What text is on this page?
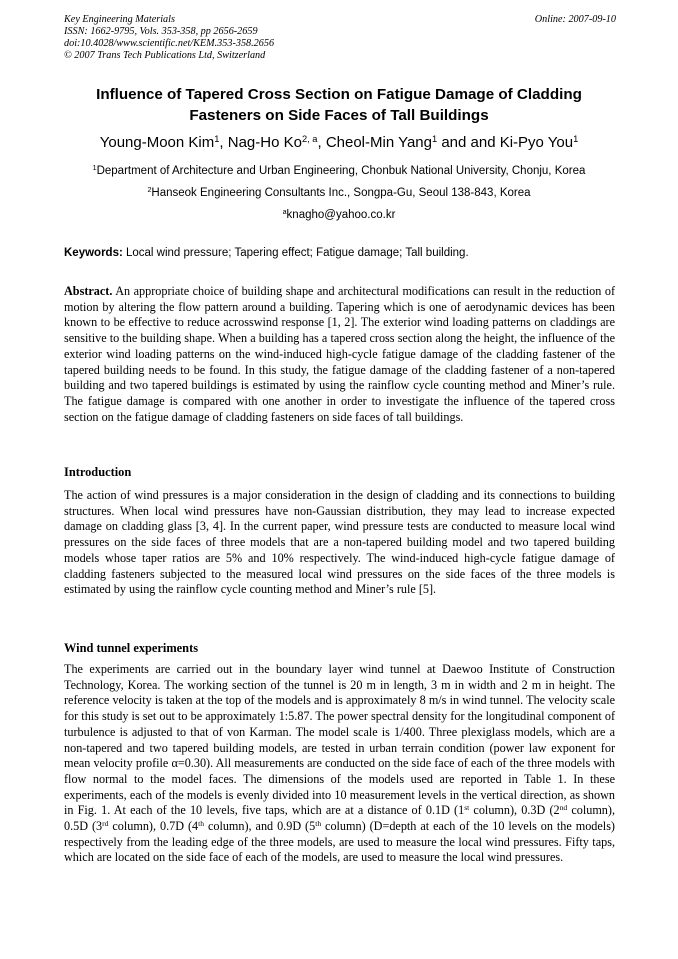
Key Engineering Materials
ISSN: 1662-9795, Vols. 353-358, pp 2656-2659
doi:10.4028/www.scientific.net/KEM.353-358.2656
© 2007 Trans Tech Publications Ltd, Switzerland
Online: 2007-09-10
Influence of Tapered Cross Section on Fatigue Damage of Cladding
Fasteners on Side Faces of Tall Buildings
Young-Moon Kim$^1$, Nag-Ho Ko$^{2, a}$, Cheol-Min Yang$^1$ and and Ki-Pyo You$^1$
$^1$Department of Architecture and Urban Engineering, Chonbuk National University, Chonju, Korea
$^2$Hanseok Engineering Consultants Inc., Songpa-Gu, Seoul 138-843, Korea
$^a$knagho@yahoo.co.kr
Keywords: Local wind pressure; Tapering effect; Fatigue damage; Tall building.
Abstract. An appropriate choice of building shape and architectural modifications can result in the reduction of motion by altering the flow pattern around a building. Tapering which is one of aerodynamic devices has been known to be effective to reduce acrosswind response [1, 2]. The exterior wind loading patterns on claddings are sensitive to the building shape. When a building has a tapered cross section along the height, the influence of the exterior wind loading patterns on the wind-induced high-cycle fatigue damage of the cladding fastener of the tapered building needs to be found. In this study, the fatigue damage of the cladding fastener of a non-tapered building and two tapered buildings is estimated by using the rainflow cycle counting method and Miner’s rule. The fatigue damage is compared with one another in order to investigate the influence of the tapered cross section on the fatigue damage of cladding fasteners on side faces of tall buildings.
Introduction
The action of wind pressures is a major consideration in the design of cladding and its connections to building structures. When local wind pressures have non-Gaussian distribution, they may lead to increase expected damage on cladding glass [3, 4]. In the current paper, wind pressure tests are conducted to measure local wind pressures on the side faces of three models that are a non-tapered building model and two tapered building models whose taper ratios are 5% and 10% respectively. The wind-induced high-cycle fatigue damage of cladding fasteners subjected to the measured local wind pressures on the side faces of the three models is estimated by using the rainflow cycle counting method and Miner’s rule [5].
Wind tunnel experiments
The experiments are carried out in the boundary layer wind tunnel at Daewoo Institute of Construction Technology, Korea. The working section of the tunnel is 20 m in length, 3 m in width and 2 m in height. The reference velocity is taken at the top of the models and is approximately 8 m/s in wind tunnel. The velocity scale for this study is set out to be approximately 1:5.87. The power spectral density for the longitudinal component of turbulence is adjusted to that of von Karman. The model scale is 1/400. Three plexiglass models, which are a non-tapered and two tapered building models, are tested in urban terrain condition (power law exponent for mean velocity profile α=0.30). All measurements are conducted on the side face of each of the three models with flow normal to the model faces. The dimensions of the models used are reported in Table 1. In these experiments, each of the models is evenly divided into 10 measurement levels in the vertical direction, as shown in Fig. 1. At each of the 10 levels, five taps, which are at a distance of 0.1D (1st column), 0.3D (2nd column), 0.5D (3rd column), 0.7D (4th column), and 0.9D (5th column) (D=depth at each of the 10 levels on the models) respectively from the leading edge of the three models, are used to measure the local wind pressures. Fifty taps, which are located on the side face of each of the models, are used to measure the local wind pressures.
